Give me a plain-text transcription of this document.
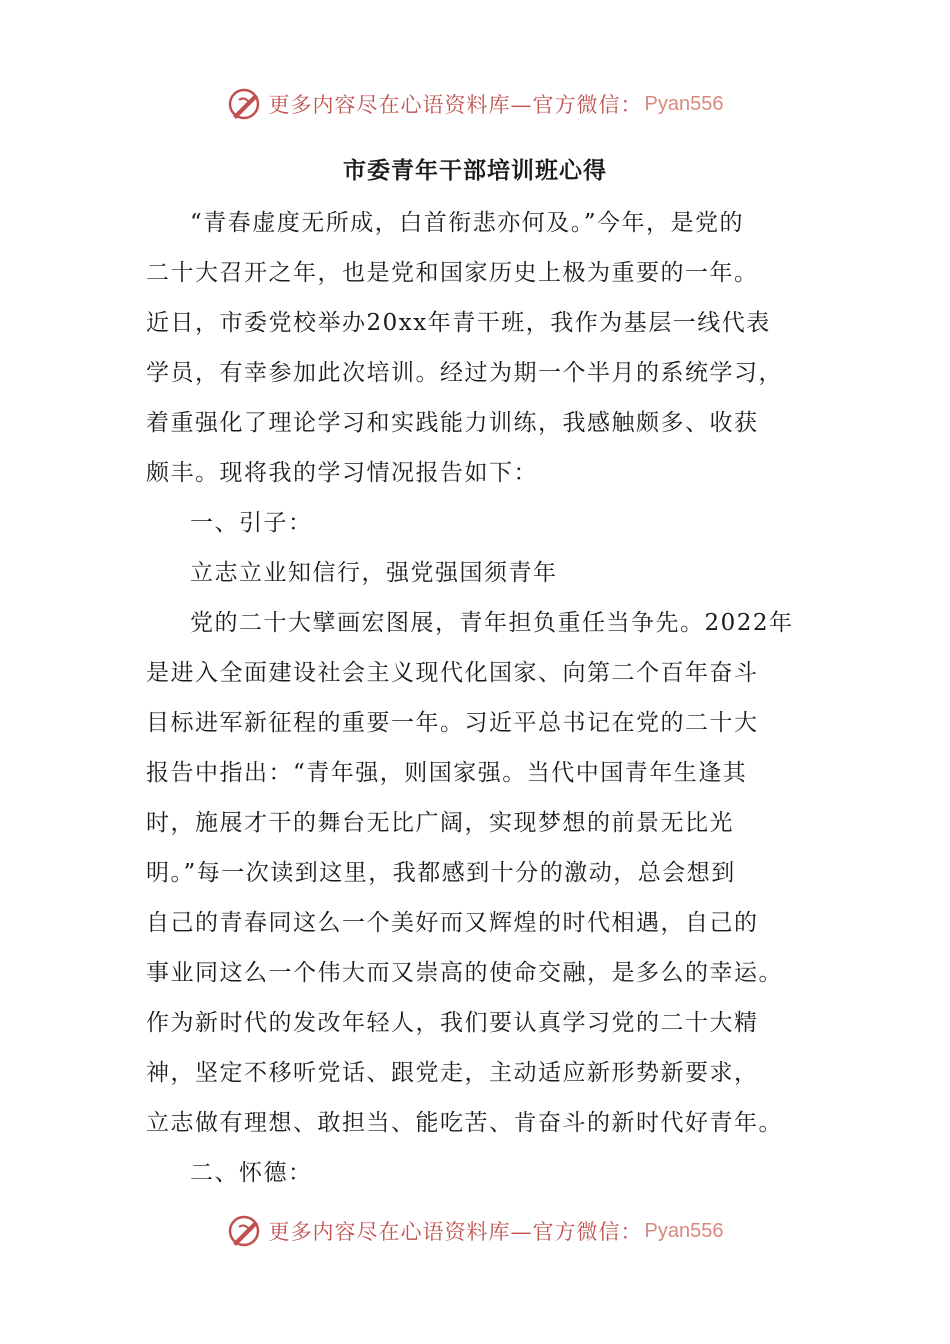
更多内容尽在心语资料库—官方微信： Pyan556
市委青年干部培训班心得
“青春虚度无所成，白首衔悲亦何及。”今年，是党的
二十大召开之年，也是党和国家历史上极为重要的一年。
近日，市委党校举办20xx年青干班，我作为基层一线代表
学员，有幸参加此次培训。经过为期一个半月的系统学习，
着重强化了理论学习和实践能力训练，我感触颇多、收获
颇丰。现将我的学习情况报告如下：
一、引子：
立志立业知信行，强党强国须青年
党的二十大擘画宏图展，青年担负重任当争先。2022年
是进入全面建设社会主义现代化国家、向第二个百年奋斗
目标进军新征程的重要一年。习近平总书记在党的二十大
报告中指出：“青年强，则国家强。当代中国青年生逢其
时，施展才干的舞台无比广阔，实现梦想的前景无比光
明。”每一次读到这里，我都感到十分的激动，总会想到
自己的青春同这么一个美好而又辉煌的时代相遇，自己的
事业同这么一个伟大而又崇高的使命交融，是多么的幸运。
作为新时代的发改年轻人，我们要认真学习党的二十大精
神，坚定不移听党话、跟党走，主动适应新形势新要求，
立志做有理想、敢担当、能吃苦、肯奋斗的新时代好青年。
二、怀德：
更多内容尽在心语资料库—官方微信： Pyan556
